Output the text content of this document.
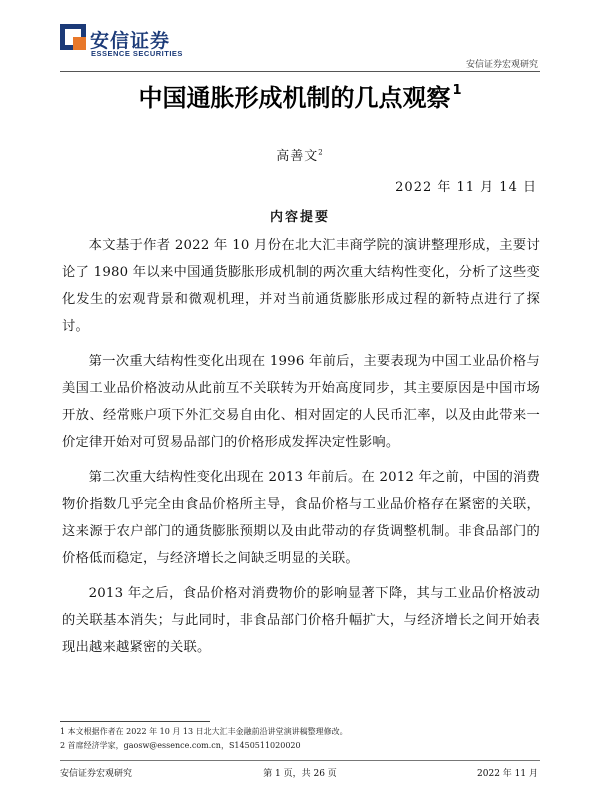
安信证券
ESSENCE SECURITIES
安信证券宏观研究
中国通胀形成机制的几点观察 $^1$
高善文$^2$
2022 年 11 月 14 日
内容提要

本文基于作者 2022 年 10 月份在北大汇丰商学院的演讲整理形成，主要讨论了 1980 年以来中国通货膨胀形成机制的两次重大结构性变化，分析了这些变化发生的宏观背景和微观机理，并对当前通货膨胀形成过程的新特点进行了探讨。

第一次重大结构性变化出现在 1996 年前后，主要表现为中国工业品价格与美国工业品价格波动从此前互不关联转为开始高度同步，其主要原因是中国市场开放、经常账户项下外汇交易自由化、相对固定的人民币汇率，以及由此带来一价定律开始对可贸易品部门的价格形成发挥决定性影响。

第二次重大结构性变化出现在 2013 年前后。在 2012 年之前，中国的消费物价指数几乎完全由食品价格所主导，食品价格与工业品价格存在紧密的关联，这来源于农户部门的通货膨胀预期以及由此带动的存货调整机制。非食品部门的价格低而稳定，与经济增长之间缺乏明显的关联。

2013 年之后，食品价格对消费物价的影响显著下降，其与工业品价格波动的关联基本消失；与此同时，非食品部门价格升幅扩大，与经济增长之间开始表现出越来越紧密的关联。

1 本文根据作者在 2022 年 10 月 13 日北大汇丰金融前沿讲堂演讲稿整理修改。
2 首席经济学家，gaosw@essence.com.cn，S1450511020020
安信证券宏观研究	第 1 页，共 26 页	2022 年 11 月
